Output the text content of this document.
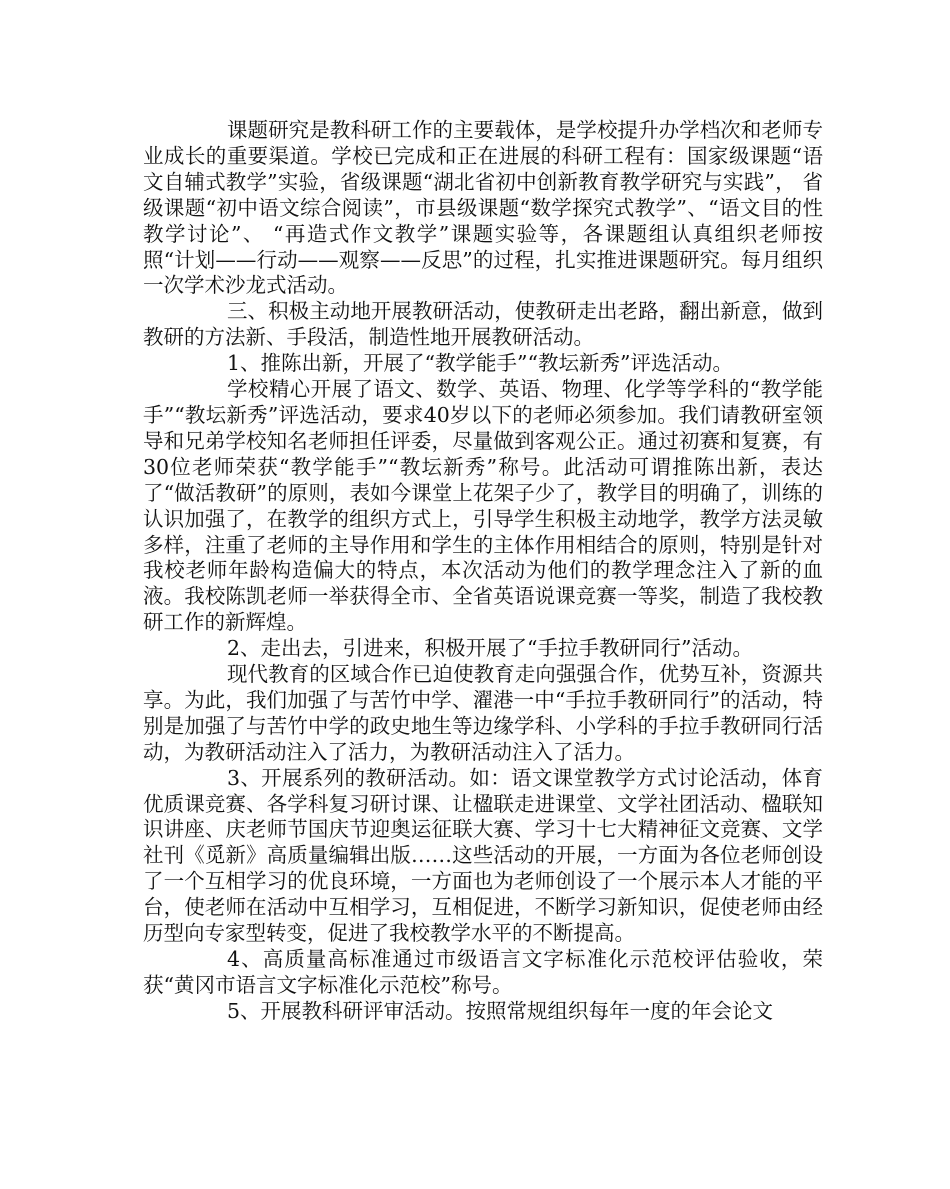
课题研究是教科研工作的主要载体，是学校提升办学档次和老师专业成长的重要渠道。学校已完成和正在进展的科研工程有：国家级课题“语文自辅式教学”实验，省级课题“湖北省初中创新教育教学研究与实践”， 省级课题“初中语文综合阅读”，市县级课题“数学探究式教学”、“语文目的性教学讨论”、 “再造式作文教学”课题实验等，各课题组认真组织老师按照“计划——行动——观察——反思”的过程，扎实推进课题研究。每月组织一次学术沙龙式活动。

三、积极主动地开展教研活动，使教研走出老路，翻出新意，做到教研的方法新、手段活，制造性地开展教研活动。

1、推陈出新，开展了“教学能手”“教坛新秀”评选活动。

学校精心开展了语文、数学、英语、物理、化学等学科的“教学能手”“教坛新秀”评选活动，要求40岁以下的老师必须参加。我们请教研室领导和兄弟学校知名老师担任评委，尽量做到客观公正。通过初赛和复赛，有30位老师荣获“教学能手”“教坛新秀”称号。此活动可谓推陈出新，表达了“做活教研”的原则，表如今课堂上花架子少了，教学目的明确了，训练的认识加强了，在教学的组织方式上，引导学生积极主动地学，教学方法灵敏多样，注重了老师的主导作用和学生的主体作用相结合的原则，特别是针对我校老师年龄构造偏大的特点，本次活动为他们的教学理念注入了新的血液。我校陈凯老师一举获得全市、全省英语说课竞赛一等奖，制造了我校教研工作的新辉煌。

2、走出去，引进来，积极开展了“手拉手教研同行”活动。

现代教育的区域合作已迫使教育走向强强合作，优势互补，资源共享。为此，我们加强了与苦竹中学、濯港一中“手拉手教研同行”的活动，特别是加强了与苦竹中学的政史地生等边缘学科、小学科的手拉手教研同行活动，为教研活动注入了活力，为教研活动注入了活力。

3、开展系列的教研活动。如：语文课堂教学方式讨论活动，体育优质课竞赛、各学科复习研讨课、让楹联走进课堂、文学社团活动、楹联知识讲座、庆老师节国庆节迎奥运征联大赛、学习十七大精神征文竞赛、文学社刊《觅新》高质量编辑出版……这些活动的开展，一方面为各位老师创设了一个互相学习的优良环境，一方面也为老师创设了一个展示本人才能的平台，使老师在活动中互相学习，互相促进，不断学习新知识，促使老师由经历型向专家型转变，促进了我校教学水平的不断提高。

4、高质量高标准通过市级语言文字标准化示范校评估验收，荣获“黄冈市语言文字标准化示范校”称号。

5、开展教科研评审活动。按照常规组织每年一度的年会论文
